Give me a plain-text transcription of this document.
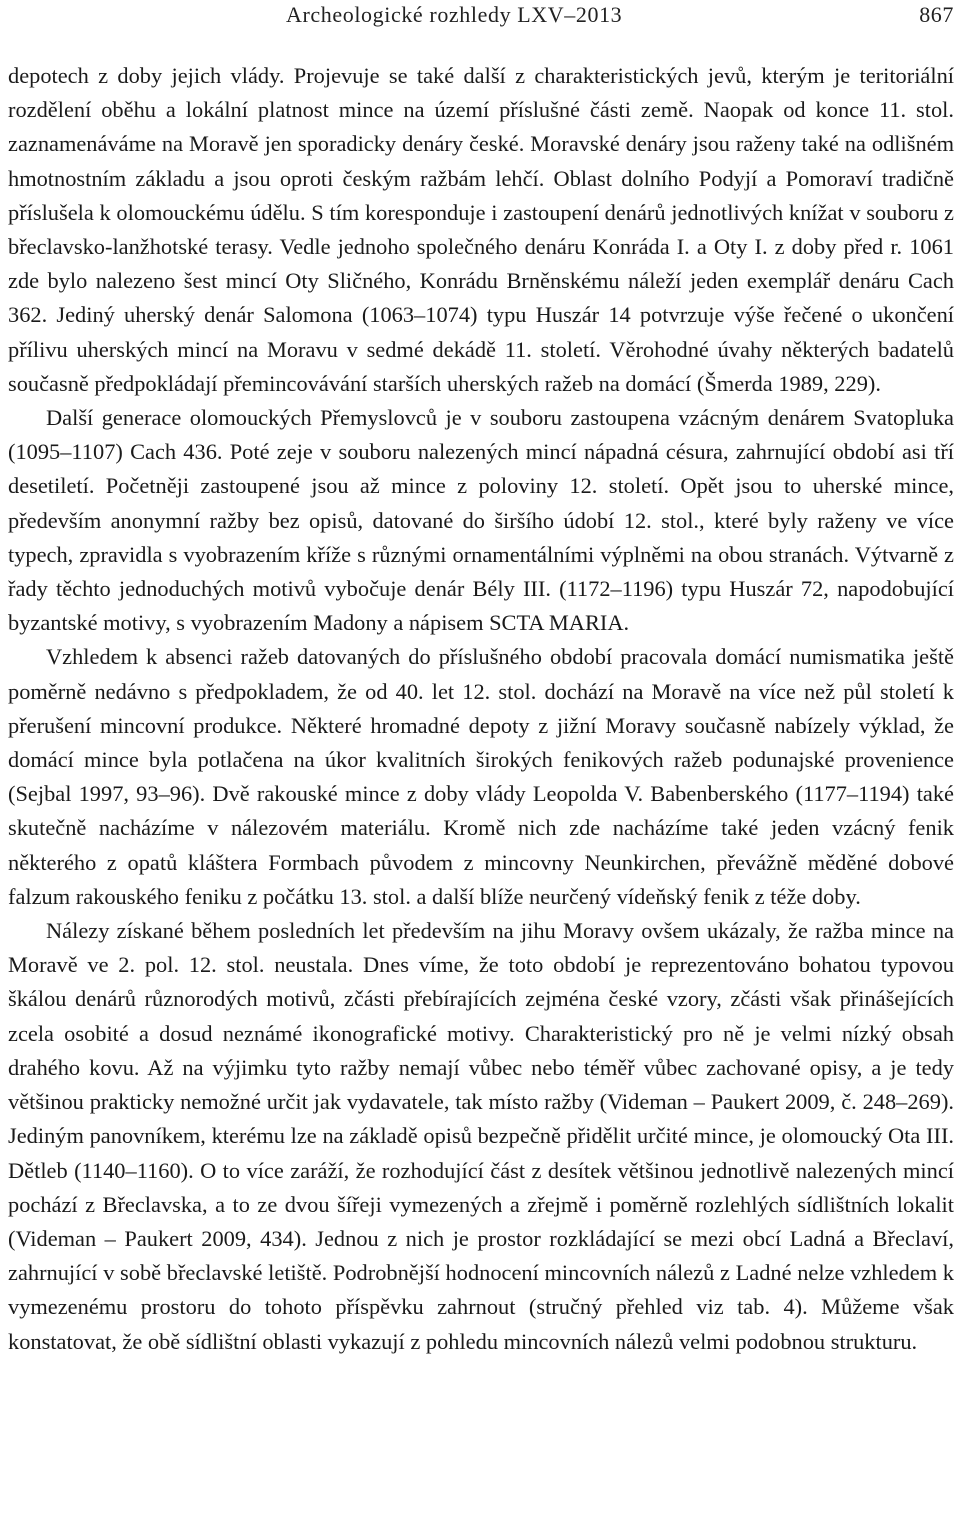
Archeologické rozhledy LXV–2013	867

depotech z doby jejich vlády. Projevuje se také další z charakteristických jevů, kterým je teritoriální rozdělení oběhu a lokální platnost mince na území příslušné části země. Naopak od konce 11. stol. zaznamenáváme na Moravě jen sporadicky denáry české. Moravské denáry jsou raženy také na odlišném hmotnostním základu a jsou oproti českým ražbám lehčí. Oblast dolního Podyjí a Pomoraví tradičně příslušela k olomouckému údělu. S tím koresponduje i zastoupení denárů jednotlivých knížat v souboru z břeclavsko-lanžhotské terasy. Vedle jednoho společného denáru Konráda I. a Oty I. z doby před r. 1061 zde bylo nalezeno šest mincí Oty Sličného, Konrádu Brněnskému náleží jeden exemplář denáru Cach 362. Jediný uherský denár Salomona (1063–1074) typu Huszár 14 potvrzuje výše řečené o ukončení přílivu uherských mincí na Moravu v sedmé dekádě 11. století. Věrohodné úvahy některých badatelů současně předpokládají přemincovávání starších uherských ražeb na domácí (Šmerda 1989, 229).

Další generace olomouckých Přemyslovců je v souboru zastoupena vzácným denárem Svatopluka (1095–1107) Cach 436. Poté zeje v souboru nalezených mincí nápadná césura, zahrnující období asi tří desetiletí. Početněji zastoupené jsou až mince z poloviny 12. století. Opět jsou to uherské mince, především anonymní ražby bez opisů, datované do širšího údobí 12. stol., které byly raženy ve více typech, zpravidla s vyobrazením kříže s různými ornamentálními výplněmi na obou stranách. Výtvarně z řady těchto jednoduchých motivů vybočuje denár Bély III. (1172–1196) typu Huszár 72, napodobující byzantské motivy, s vyobrazením Madony a nápisem SCTA MARIA.

Vzhledem k absenci ražeb datovaných do příslušného období pracovala domácí numismatika ještě poměrně nedávno s předpokladem, že od 40. let 12. stol. dochází na Moravě na více než půl století k přerušení mincovní produkce. Některé hromadné depoty z jižní Moravy současně nabízely výklad, že domácí mince byla potlačena na úkor kvalitních širokých fenikových ražeb podunajské provenience (Sejbal 1997, 93–96). Dvě rakouské mince z doby vlády Leopolda V. Babenberského (1177–1194) také skutečně nacházíme v nálezovém materiálu. Kromě nich zde nacházíme také jeden vzácný fenik některého z opatů kláštera Formbach původem z mincovny Neunkirchen, převážně měděné dobové falzum rakouského feniku z počátku 13. stol. a další blíže neurčený vídeňský fenik z téže doby.

Nálezy získané během posledních let především na jihu Moravy ovšem ukázaly, že ražba mince na Moravě ve 2. pol. 12. stol. neustala. Dnes víme, že toto období je reprezentováno bohatou typovou škálou denárů různorodých motivů, zčásti přebírajících zejména české vzory, zčásti však přinášejících zcela osobité a dosud neznámé ikonografické motivy. Charakteristický pro ně je velmi nízký obsah drahého kovu. Až na výjimku tyto ražby nemají vůbec nebo téměř vůbec zachované opisy, a je tedy většinou prakticky nemožné určit jak vydavatele, tak místo ražby (Videman – Paukert 2009, č. 248–269). Jediným panovníkem, kterému lze na základě opisů bezpečně přidělit určité mince, je olomoucký Ota III. Dětleb (1140–1160). O to více zaráží, že rozhodující část z desítek většinou jednotlivě nalezených mincí pochází z Břeclavska, a to ze dvou šířeji vymezených a zřejmě i poměrně rozlehlých sídlištních lokalit (Videman – Paukert 2009, 434). Jednou z nich je prostor rozkládající se mezi obcí Ladná a Břeclaví, zahrnující v sobě břeclavské letiště. Podrobnější hodnocení mincovních nálezů z Ladné nelze vzhledem k vymezenému prostoru do tohoto příspěvku zahrnout (stručný přehled viz tab. 4). Můžeme však konstatovat, že obě sídlištní oblasti vykazují z pohledu mincovních nálezů velmi podobnou strukturu.
